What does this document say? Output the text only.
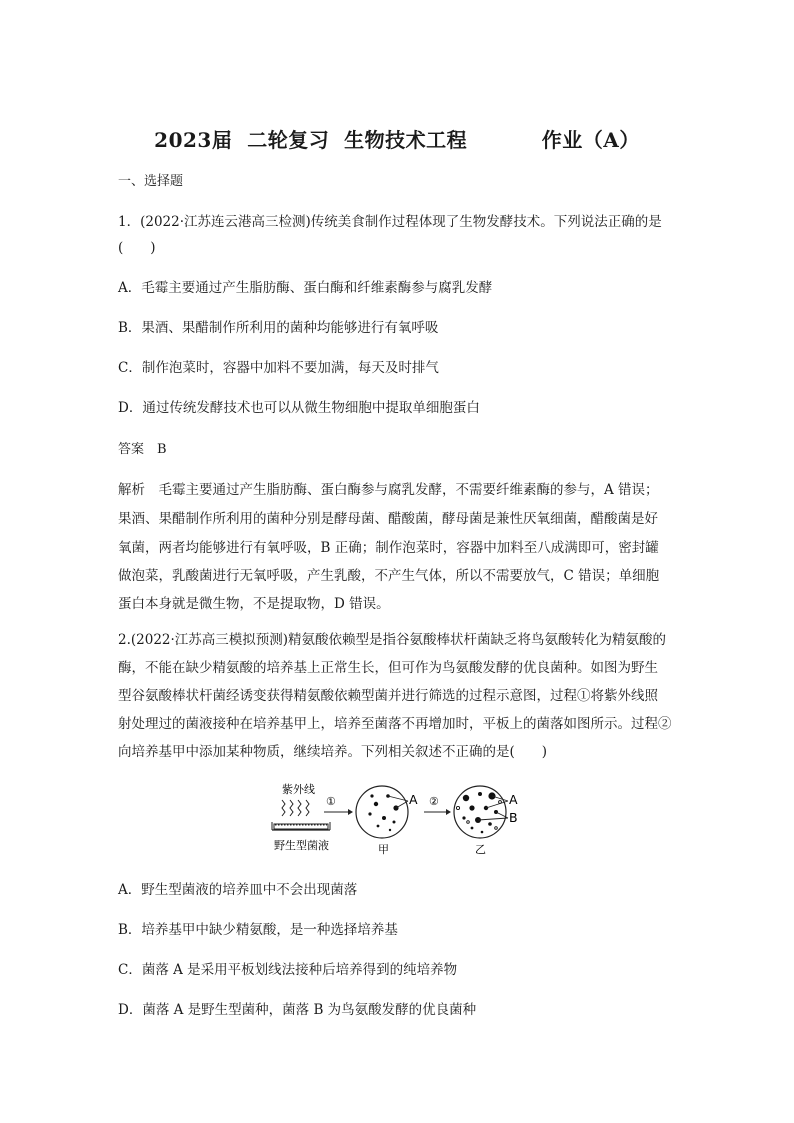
2023届  二轮复习  生物技术工程          作业（A）
一、选择题
1．(2022·江苏连云港高三检测)传统美食制作过程体现了生物发酵技术。下列说法正确的是
(　　)
A．毛霉主要通过产生脂肪酶、蛋白酶和纤维素酶参与腐乳发酵
B．果酒、果醋制作所利用的菌种均能够进行有氧呼吸
C．制作泡菜时，容器中加料不要加满，每天及时排气
D．通过传统发酵技术也可以从微生物细胞中提取单细胞蛋白
答案　B
解析　毛霉主要通过产生脂肪酶、蛋白酶参与腐乳发酵，不需要纤维素酶的参与，A 错误；
果酒、果醋制作所利用的菌种分别是酵母菌、醋酸菌，酵母菌是兼性厌氧细菌，醋酸菌是好
氧菌，两者均能够进行有氧呼吸，B 正确；制作泡菜时，容器中加料至八成满即可，密封罐
做泡菜，乳酸菌进行无氧呼吸，产生乳酸，不产生气体，所以不需要放气，C 错误；单细胞
蛋白本身就是微生物，不是提取物，D 错误。
2.(2022·江苏高三模拟预测)精氨酸依赖型是指谷氨酸棒状杆菌缺乏将鸟氨酸转化为精氨酸的
酶，不能在缺少精氨酸的培养基上正常生长，但可作为鸟氨酸发酵的优良菌种。如图为野生
型谷氨酸棒状杆菌经诱变获得精氨酸依赖型菌并进行筛选的过程示意图，过程①将紫外线照
射处理过的菌液接种在培养基甲上，培养至菌落不再增加时，平板上的菌落如图所示。过程②
向培养基甲中添加某种物质，继续培养。下列相关叙述不正确的是(　　)
紫外线
野生型菌液
①	A
甲
②	A
B
乙
A．野生型菌液的培养皿中不会出现菌落
B．培养基甲中缺少精氨酸，是一种选择培养基
C．菌落 A 是采用平板划线法接种后培养得到的纯培养物
D．菌落 A 是野生型菌种，菌落 B 为鸟氨酸发酵的优良菌种
